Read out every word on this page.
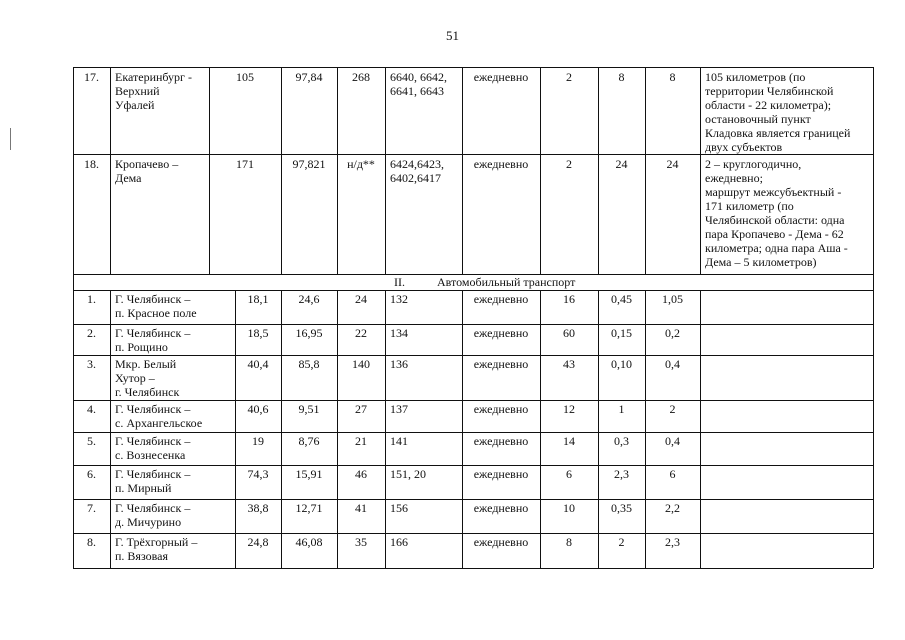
51
17.	Екатеринбург -
Верхний
Уфалей
105	97,84	268	6640, 6642,
6641, 6643
ежедневно	2	8	8	105 километров (по
территории Челябинской
области - 22 километра);
остановочный пункт
Кладовка является границей
двух субъектов
18.	Кропачево –
Дема
171	97,821	н/д**	6424,6423,
6402,6417
ежедневно	2	24	24	2 – круглогодично,
ежедневно;
маршрут межсубъектный -
171 километр (по
Челябинской области: одна
пара Кропачево - Дема - 62
километра; одна пара Аша -
Дема – 5 километров)
II.	Автомобильный транспорт
1.	Г. Челябинск –
п. Красное поле
18,1	24,6	24	132	ежедневно	16	0,45	1,05
2.	Г. Челябинск –
п. Рощино
18,5	16,95	22	134	ежедневно	60	0,15	0,2
3.	Мкр. Белый
Хутор –
г. Челябинск
40,4	85,8	140	136	ежедневно	43	0,10	0,4
4.	Г. Челябинск –
с. Архангельское
40,6	9,51	27	137	ежедневно	12	1	2
5.	Г. Челябинск –
с. Вознесенка
19	8,76	21	141	ежедневно	14	0,3	0,4
6.	Г. Челябинск –
п. Мирный
74,3	15,91	46	151, 20	ежедневно	6	2,3	6
7.	Г. Челябинск –
д. Мичурино
38,8	12,71	41	156	ежедневно	10	0,35	2,2
8.	Г. Трёхгорный –
п. Вязовая
24,8	46,08	35	166	ежедневно	8	2	2,3
